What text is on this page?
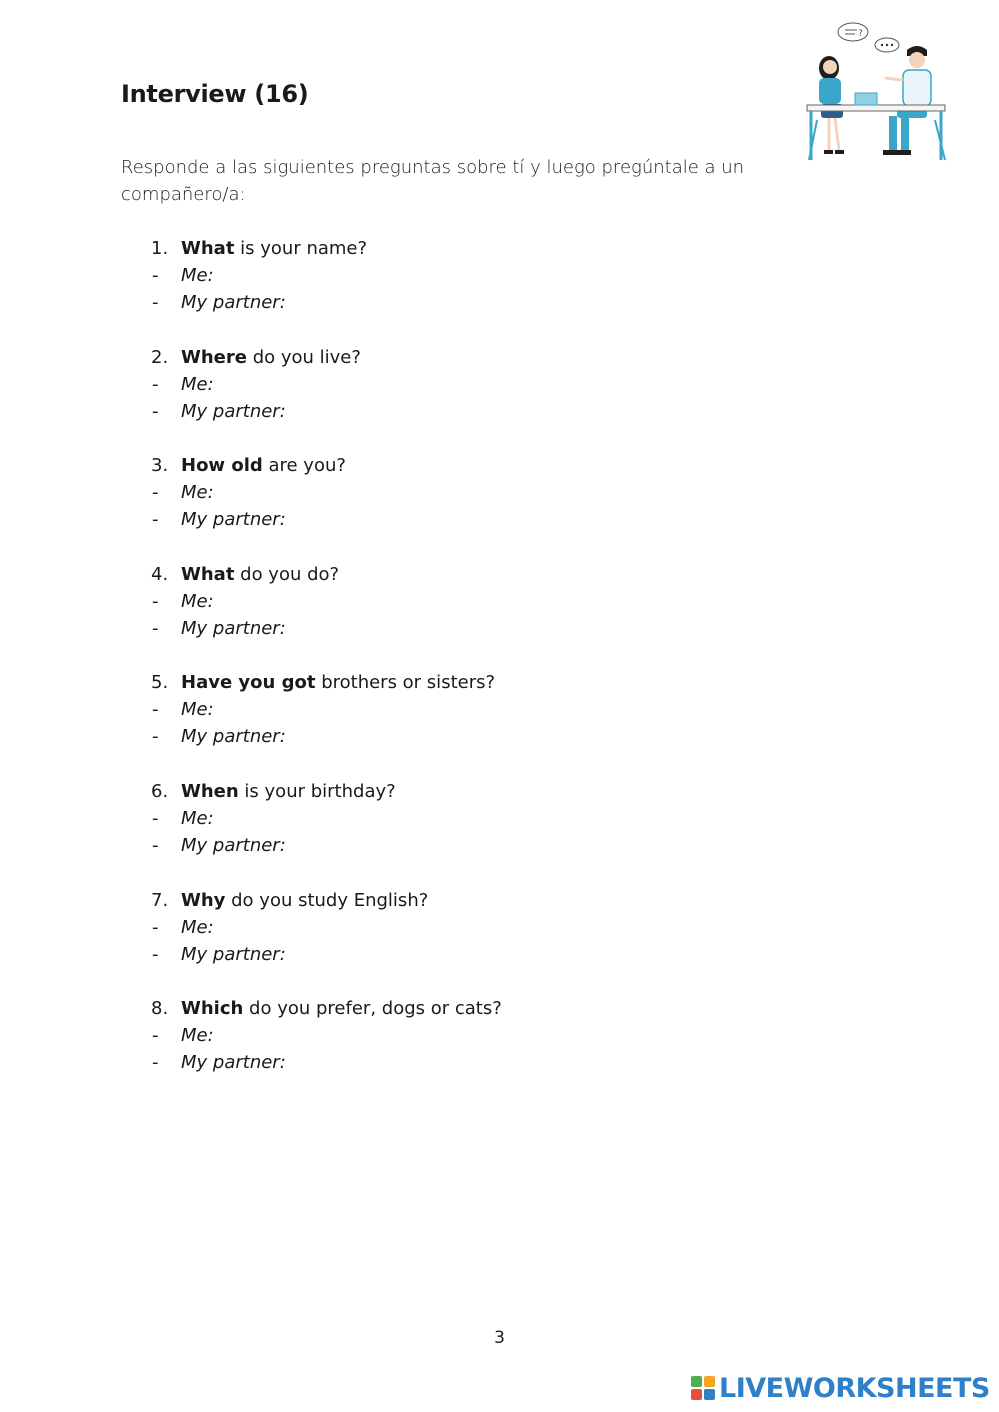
Interview (16)
Responde a las siguientes preguntas sobre tí y luego pregúntale a un compañero/a:
1. What is your name?
- Me:
- My partner:
2. Where do you live?
- Me:
- My partner:
3. How old are you?
- Me:
- My partner:
4. What do you do?
- Me:
- My partner:
5. Have you got brothers or sisters?
- Me:
- My partner:
6. When is your birthday?
- Me:
- My partner:
7. Why do you study English?
- Me:
- My partner:
8. Which do you prefer, dogs or cats?
- Me:
- My partner:
?
3
LIVEWORKSHEETS
